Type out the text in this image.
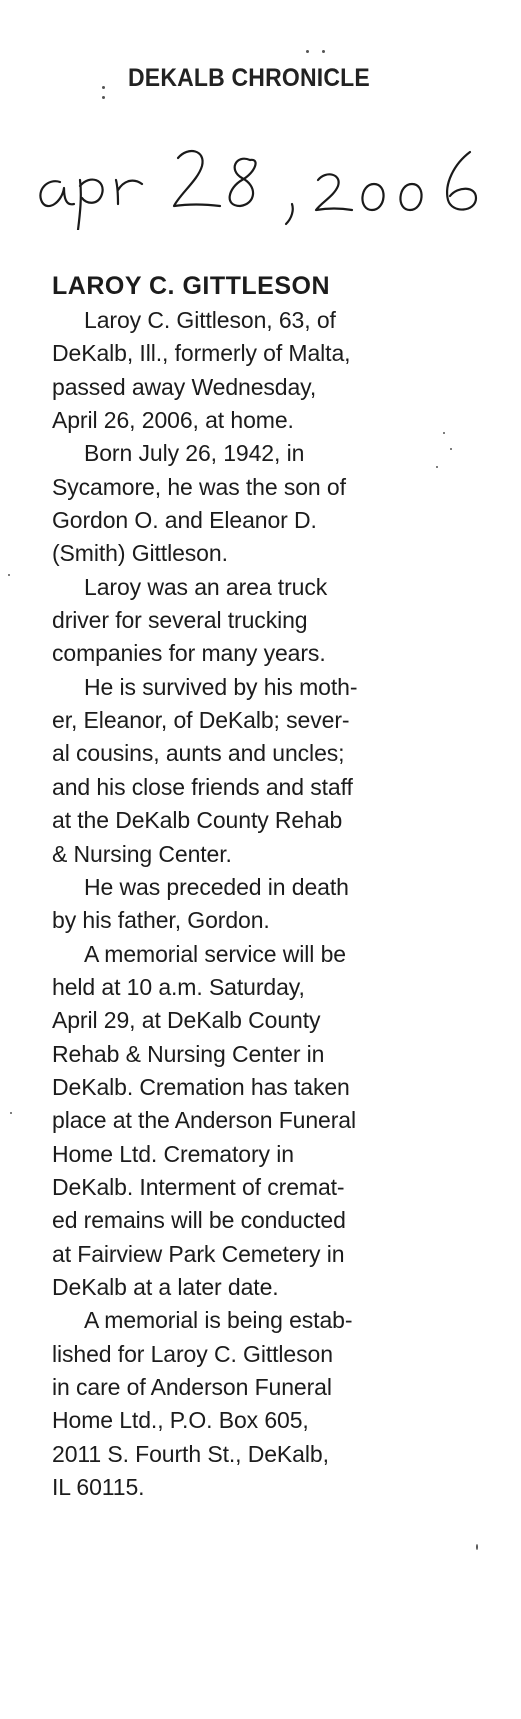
DEKALB CHRONICLE
LAROY C. GITTLESON
Laroy C. Gittleson, 63, of
DeKalb, Ill., formerly of Malta,
passed away Wednesday,
April 26, 2006, at home.
Born July 26, 1942, in
Sycamore, he was the son of
Gordon O. and Eleanor D.
(Smith) Gittleson.
Laroy was an area truck
driver for several trucking
companies for many years.
He is survived by his moth-
er, Eleanor, of DeKalb; sever-
al cousins, aunts and uncles;
and his close friends and staff
at the DeKalb County Rehab
& Nursing Center.
He was preceded in death
by his father, Gordon.
A memorial service will be
held at 10 a.m. Saturday,
April 29, at DeKalb County
Rehab & Nursing Center in
DeKalb. Cremation has taken
place at the Anderson Funeral
Home Ltd. Crematory in
DeKalb. Interment of cremat-
ed remains will be conducted
at Fairview Park Cemetery in
DeKalb at a later date.
A memorial is being estab-
lished for Laroy C. Gittleson
in care of Anderson Funeral
Home Ltd., P.O. Box 605,
2011 S. Fourth St., DeKalb,
IL 60115.
